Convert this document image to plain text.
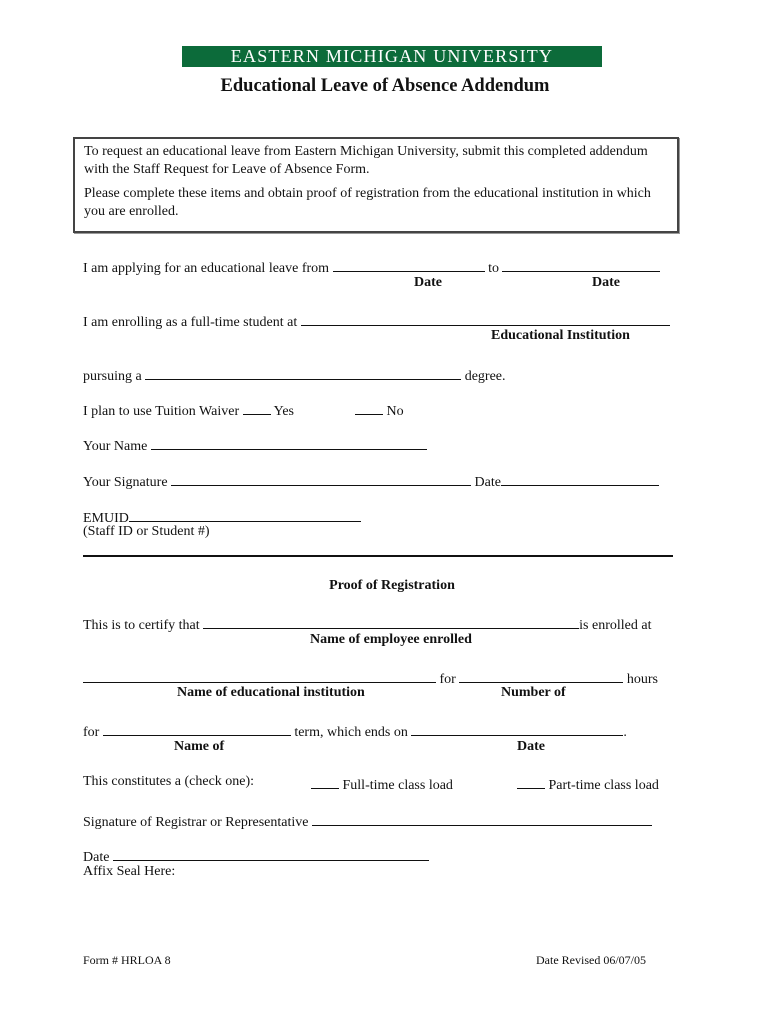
EASTERN MICHIGAN UNIVERSITY
Educational Leave of Absence Addendum

To request an educational leave from Eastern Michigan University, submit this completed addendum with the Staff Request for Leave of Absence Form.

Please complete these items and obtain proof of registration from the educational institution in which you are enrolled.

I am applying for an educational leave from	to
Date	Date
I am enrolling as a full-time student at
Educational Institution
pursuing a	degree.
I plan to use Tuition Waiver Yes	No
Your Name
Your Signature	Date
EMUID
(Staff ID or Student #)
Proof of Registration
This is to certify that	is enrolled at
Name of employee enrolled
for	hours
Name of educational institution	Number of
for	term, which ends on	.
Name of	Date
This constitutes a (check one):	Full-time class load	Part-time class load
Signature of Registrar or Representative
Date
Affix Seal Here:
Form # HRLOA 8	Date Revised 06/07/05
